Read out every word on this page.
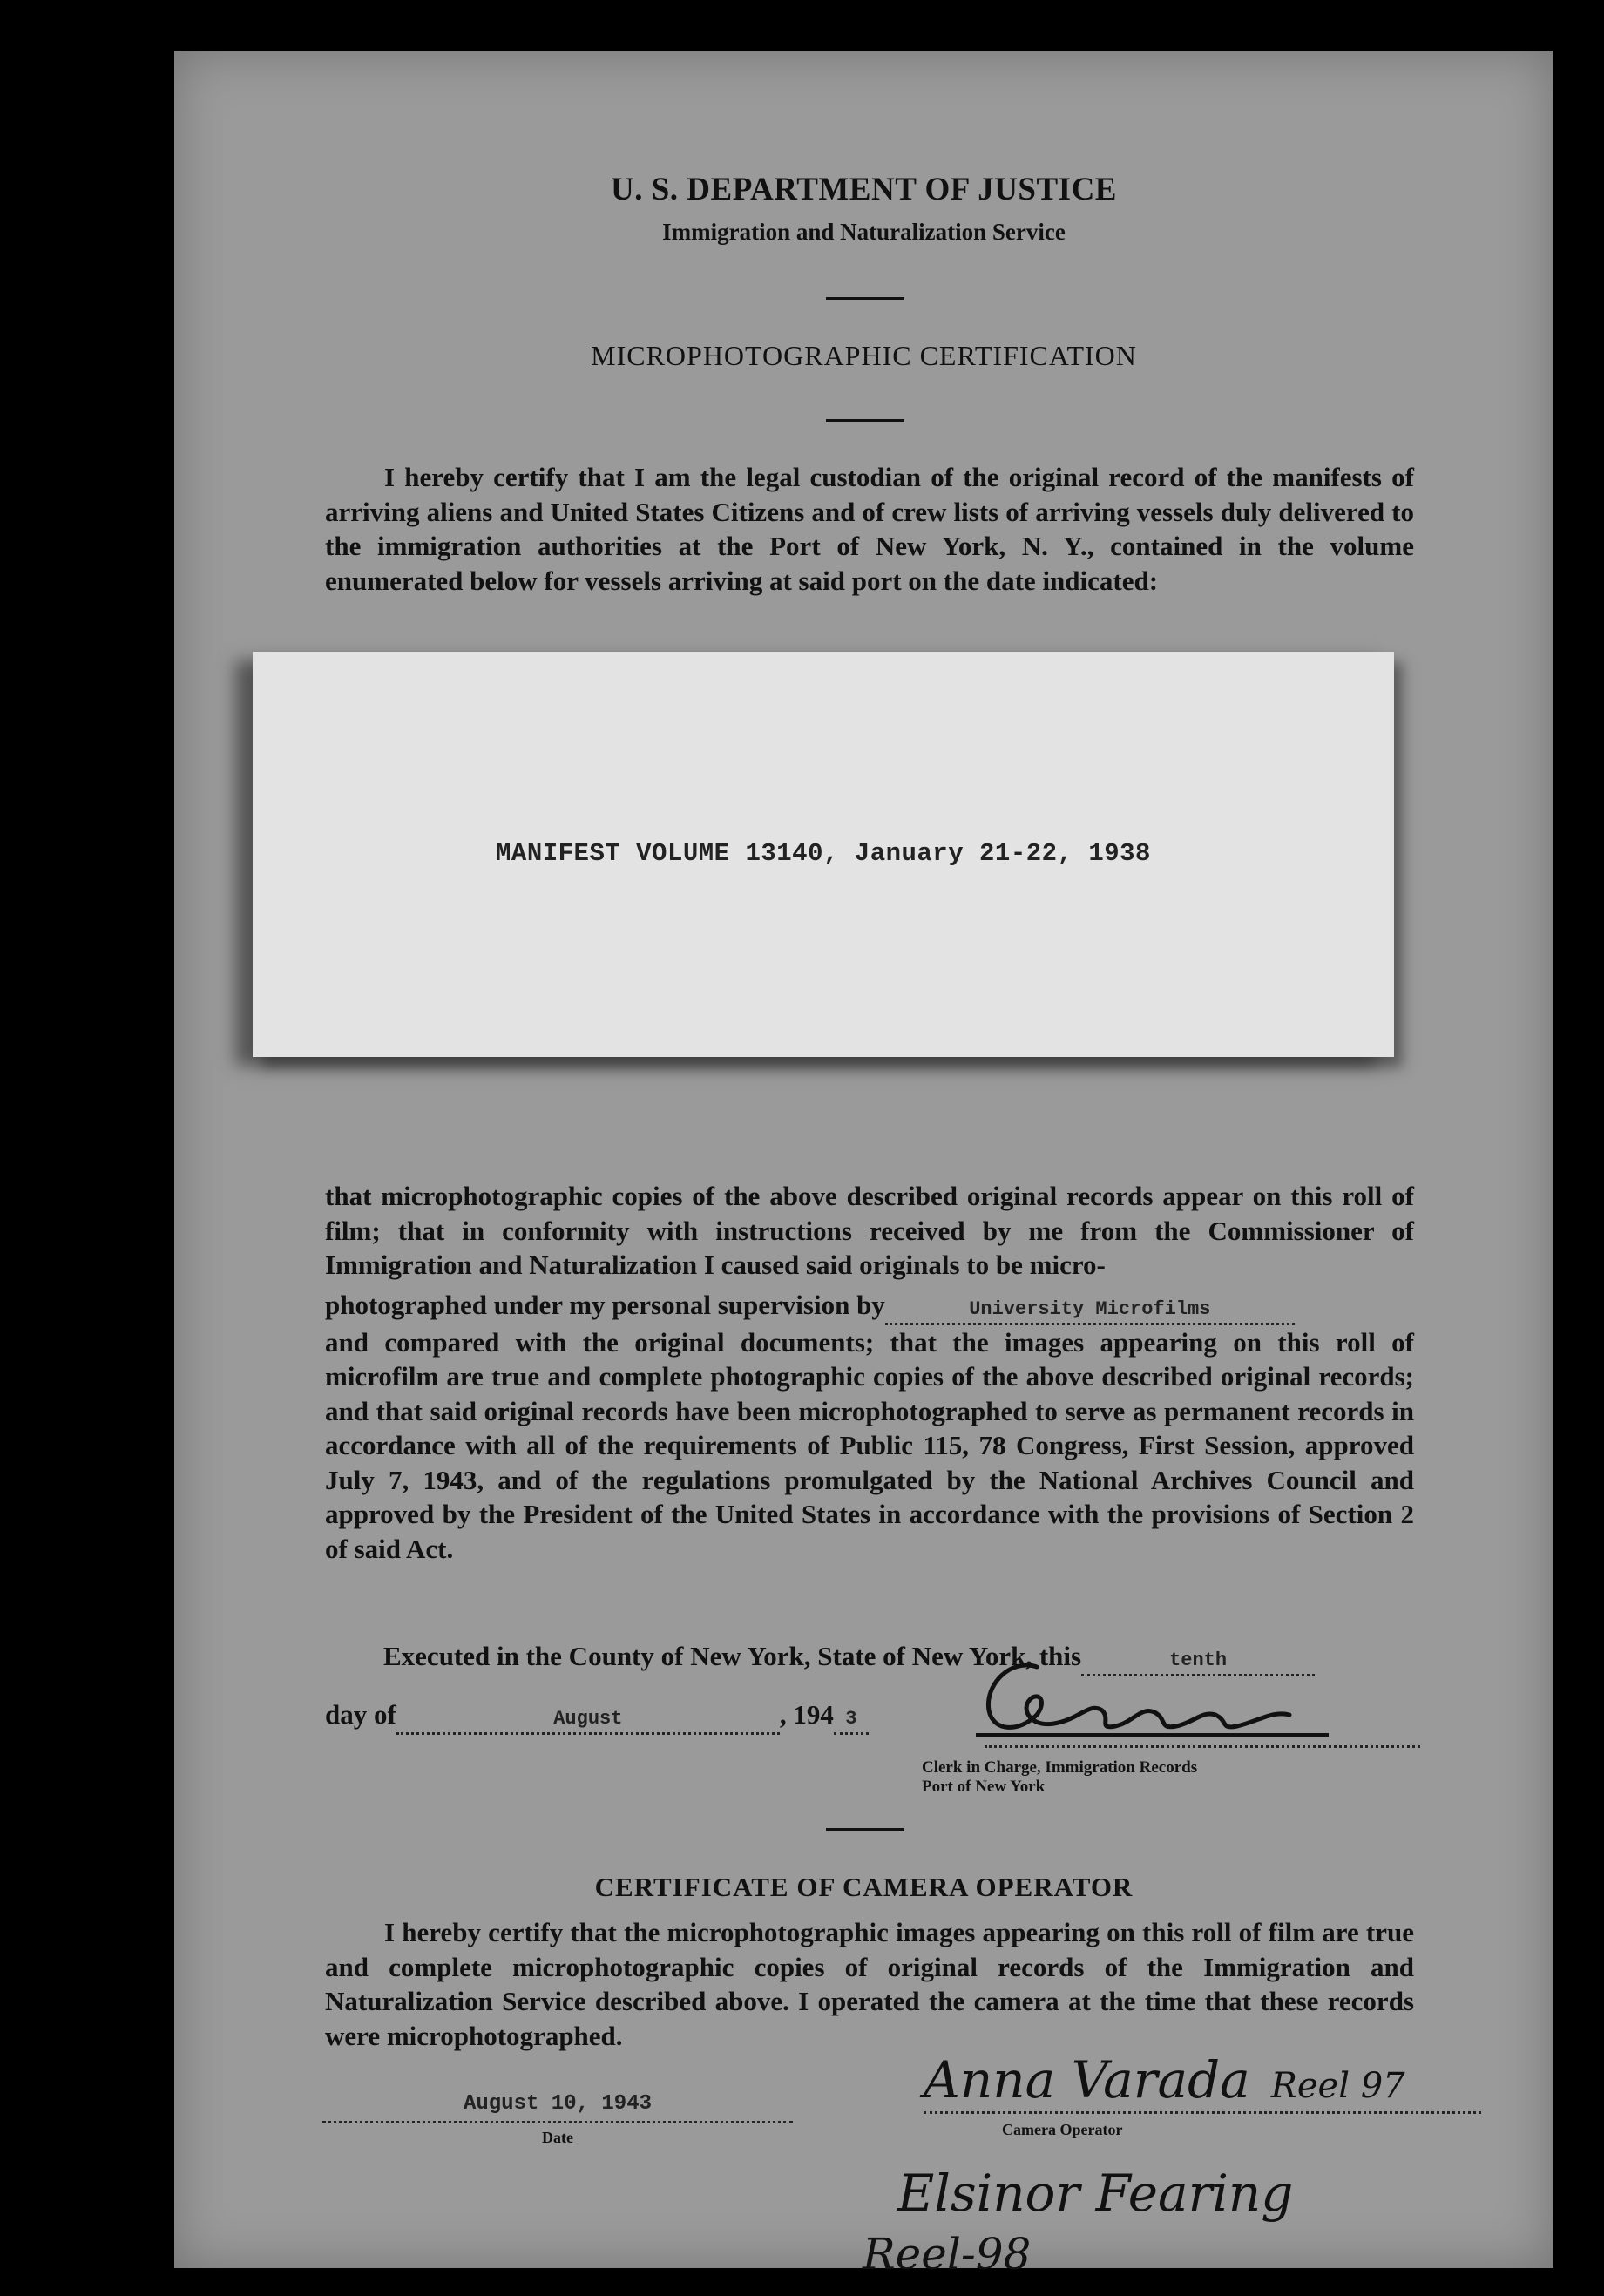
U. S. DEPARTMENT OF JUSTICE
Immigration and Naturalization Service
MICROPHOTOGRAPHIC CERTIFICATION
I hereby certify that I am the legal custodian of the original record of the manifests of arriving aliens and United States Citizens and of crew lists of arriving vessels duly delivered to the immigration authorities at the Port of New York, N. Y., contained in the volume enumerated below for vessels arriving at said port on the date indicated:
MANIFEST VOLUME 13140, January 21-22, 1938
that microphotographic copies of the above described original records appear on this roll of film; that in conformity with instructions received by me from the Commissioner of Immigration and Naturalization I caused said originals to be micro-
photographed under my personal supervision by	University Microfilms
and compared with the original documents; that the images appearing on this roll of microfilm are true and complete photographic copies of the above described original records; and that said original records have been microphotographed to serve as permanent records in accordance with all of the requirements of Public 115, 78 Congress, First Session, approved July 7, 1943, and of the regulations promulgated by the National Archives Council and approved by the President of the United States in accordance with the provisions of Section 2 of said Act.
Executed in the County of New York, State of New York, this	tenth
day of	August	, 194 3
Clerk in Charge, Immigration Records
Port of New York
CERTIFICATE OF CAMERA OPERATOR
I hereby certify that the microphotographic images appearing on this roll of film are true and complete microphotographic copies of original records of the Immigration and Naturalization Service described above. I operated the camera at the time that these records were microphotographed.
August 10, 1943
Date
Anna Varada Reel 97
Camera Operator
Elsinor Fearing
Reel-98
